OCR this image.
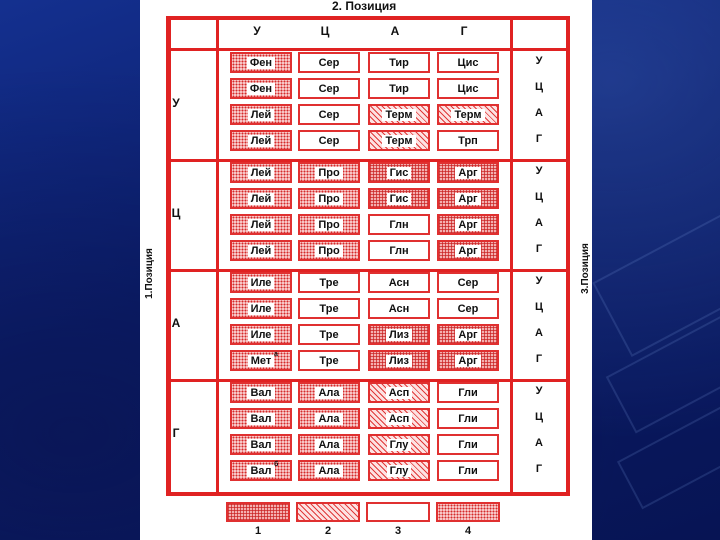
2. Позиция
1.Позиция	3.Позиция
У	Ц	А	Г
У
Фен	Сер	Тир	Цис	У
Фен	Сер	Тир	Цис	Ц
Лей	Сер	Терм	Терм	А
Лей	Сер	Терм	Трп	Г
Ц
Лей	Про	Гис	Арг	У
Лей	Про	Гис	Арг	Ц
Лей	Про	Глн	Арг	А
Лей	Про	Глн	Арг	Г
А
Иле	Тре	Асн	Сер	У
Иле	Тре	Асн	Сер	Ц
Иле	Тре	Лиз	Арг	А
Мет	Тре	Лиз	Арг	Г
Г
Вал	Ала	Асп	Гли	У
Вал	Ала	Асп	Гли	Ц
Вал	Ала	Глу	Гли	А
Вал	Ала	Глу	Гли	Г
а
б
1	2	3	4
